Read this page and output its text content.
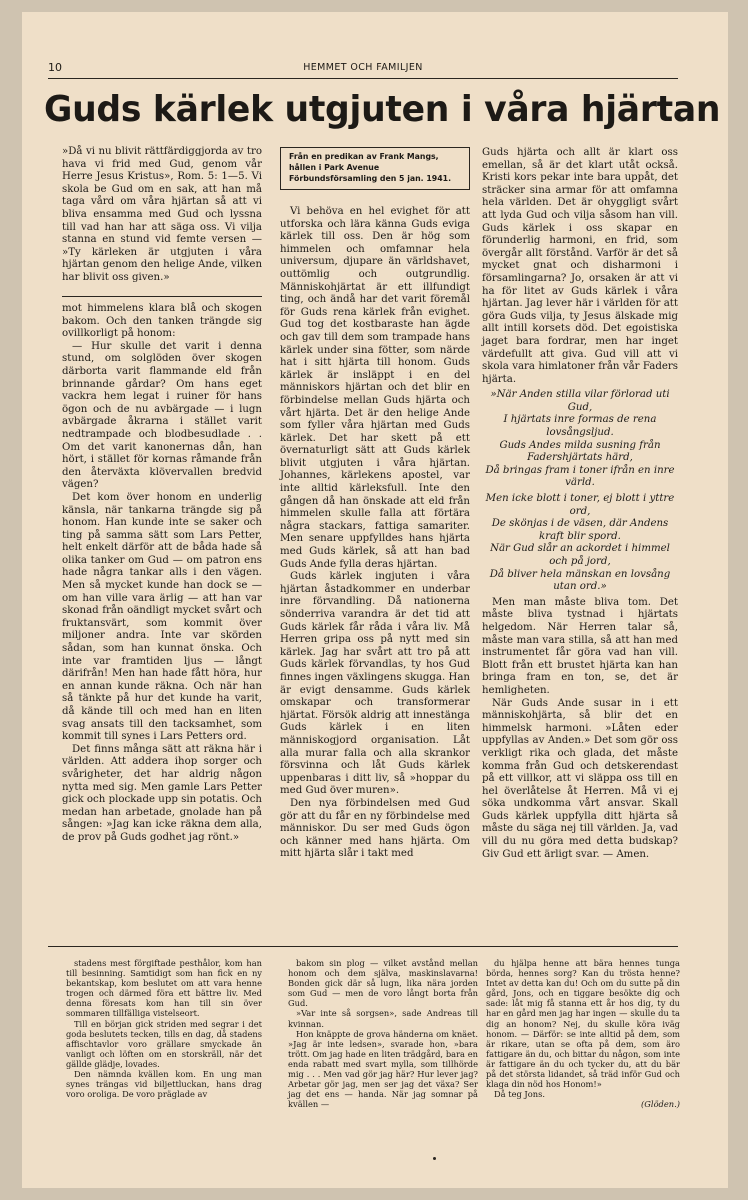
10	HEMMET OCH FAMILJEN
Guds kärlek utgjuten i våra hjärtan

»Då vi nu blivit rättfärdiggjorda av tro hava vi frid med Gud, genom vår Herre Jesus Kristus», Rom. 5: 1—5. Vi skola be Gud om en sak, att han må taga vård om våra hjärtan så att vi bliva ensamma med Gud och lyssna till vad han har att säga oss. Vi vilja stanna en stund vid femte versen — »Ty kärleken är utgjuten i våra hjärtan genom den helige Ande, vilken har blivit oss given.»

mot himmelens klara blå och skogen bakom. Och den tanken trängde sig ovillkorligt på honom:

— Hur skulle det varit i denna stund, om solglöden över skogen därborta varit flammande eld från brinnande gårdar? Om hans eget vackra hem legat i ruiner för hans ögon och de nu avbärgade — i lugn avbärgade åkrarna i stället varit nedtrampade och blodbesudlade . . Om det varit kanonernas dån, han hört, i stället för kornas råmande från den återväxta klövervallen bredvid vägen?

Det kom över honom en underlig känsla, när tankarna trängde sig på honom. Han kunde inte se saker och ting på samma sätt som Lars Petter, helt enkelt därför att de båda hade så olika tanker om Gud — om patron ens hade några tankar alls i den vägen. Men så mycket kunde han dock se — om han ville vara ärlig — att han var skonad från oändligt mycket svårt och fruktansvärt, som kommit över miljoner andra. Inte var skörden sådan, som han kunnat önska. Och inte var framtiden ljus — långt därifrån! Men han hade fått höra, hur en annan kunde räkna. Och när han så tänkte på hur det kunde ha varit, då kände till och med han en liten svag ansats till den tacksamhet, som kommit till synes i Lars Petters ord.

Det finns många sätt att räkna här i världen. Att addera ihop sorger och svårigheter, det har aldrig någon nytta med sig. Men gamle Lars Petter gick och plockade upp sin potatis. Och medan han arbetade, gnolade han på sången: »Jag kan icke räkna dem alla, de prov på Guds godhet jag rönt.»

Från en predikan av Frank Mangs, hållen i Park Avenue Förbundsförsamling den 5 jan. 1941.

Vi behöva en hel evighet för att utforska och lära känna Guds eviga kärlek till oss. Den är hög som himmelen och omfamnar hela universum, djupare än världshavet, outtömlig och outgrundlig. Människohjärtat är ett illfundigt ting, och ändå har det varit föremål för Guds rena kärlek från evighet. Gud tog det kostbaraste han ägde och gav till dem som trampade hans kärlek under sina fötter, som närde hat i sitt hjärta till honom. Guds kärlek är insläppt i en del människors hjärtan och det blir en förbindelse mellan Guds hjärta och vårt hjärta. Det är den helige Ande som fyller våra hjärtan med Guds kärlek. Det har skett på ett övernaturligt sätt att Guds kärlek blivit utgjuten i våra hjärtan. Johannes, kärlekens apostel, var inte alltid kärleksfull. Inte den gången då han önskade att eld från himmelen skulle falla att förtära några stackars, fattiga samariter. Men senare uppfylldes hans hjärta med Guds kärlek, så att han bad Guds Ande fylla deras hjärtan.

Guds kärlek ingjuten i våra hjärtan åstadkommer en underbar inre förvandling. Då nationerna sönderriva varandra är det tid att Guds kärlek får råda i våra liv. Må Herren gripa oss på nytt med sin kärlek. Jag har svårt att tro på att Guds kärlek förvandlas, ty hos Gud finnes ingen växlingens skugga. Han är evigt densamme. Guds kärlek omskapar och transformerar hjärtat. Försök aldrig att innestänga Guds kärlek i en liten människogjord organisation. Låt alla murar falla och alla skrankor försvinna och låt Guds kärlek uppenbaras i ditt liv, så »hoppar du med Gud över muren».

Den nya förbindelsen med Gud gör att du får en ny förbindelse med människor. Du ser med Guds ögon och känner med hans hjärta. Om mitt hjärta slår i takt med

Guds hjärta och allt är klart oss emellan, så är det klart utåt också. Kristi kors pekar inte bara uppåt, det sträcker sina armar för att omfamna hela världen. Det är ohyggligt svårt att lyda Gud och vilja såsom han vill. Guds kärlek i oss skapar en förunderlig harmoni, en frid, som övergår allt förstånd. Varför är det så mycket gnat och disharmoni i församlingarna? Jo, orsaken är att vi ha för litet av Guds kärlek i våra hjärtan. Jag lever här i världen för att göra Guds vilja, ty Jesus älskade mig allt intill korsets död. Det egoistiska jaget bara fordrar, men har inget värdefullt att giva. Gud vill att vi skola vara himlatoner från vår Faders hjärta.

»När Anden stilla vilar förlorad uti Gud,
I hjärtats inre formas de rena lovsångsljud.
Guds Andes milda susning från Fadershjärtats härd,
Då bringas fram i toner ifrån en inre värld.
Men icke blott i toner, ej blott i yttre ord,
De skönjas i de väsen, där Andens kraft blir spord.
När Gud slår an ackordet i himmel och på jord,
Då bliver hela mänskan en lovsång utan ord.»

Men man måste bliva tom. Det måste bliva tystnad i hjärtats helgedom. När Herren talar så, måste man vara stilla, så att han med instrumentet får göra vad han vill. Blott från ett brustet hjärta kan han bringa fram en ton, se, det är hemligheten.

När Guds Ande susar in i ett människohjärta, så blir det en himmelsk harmoni. »Låten eder uppfyllas av Anden.» Det som gör oss verkligt rika och glada, det måste komma från Gud och detskerendast på ett villkor, att vi släppa oss till en hel överlåtelse åt Herren. Må vi ej söka undkomma vårt ansvar. Skall Guds kärlek uppfylla ditt hjärta så måste du säga nej till världen. Ja, vad vill du nu göra med detta budskap? Giv Gud ett ärligt svar. — Amen.

stadens mest förgiftade pesthålor, kom han till besinning. Samtidigt som han fick en ny bekantskap, kom beslutet om att vara henne trogen och därmed föra ett bättre liv. Med denna föresats kom han till sin över sommaren tillfälliga vistelseort.

Till en början gick striden med segrar i det goda beslutets tecken, tills en dag, då stadens affischtavlor voro grällare smyckade än vanligt och löften om en storskräll, när det gällde glädje, lovades.

Den nämnda kvällen kom. En ung man synes trängas vid biljettluckan, hans drag voro oroliga. De voro präglade av

bakom sin plog — vilket avstånd mellan honom och dem själva, maskinslavarna! Bonden gick där så lugn, lika nära jorden som Gud — men de voro långt borta från Gud.

»Var inte så sorgsen», sade Andreas till kvinnan.

Hon knäppte de grova händerna om knäet. »Jag är inte ledsen», svarade hon, »bara trött. Om jag hade en liten trädgård, bara en enda rabatt med svart mylla, som tillhörde mig . . . Men vad gör jag här? Hur lever jag? Arbetar gör jag, men ser jag det växa? Ser jag det ens — handa. När jag somnar på kvällen —

du hjälpa henne att bära hennes tunga börda, hennes sorg? Kan du trösta henne? Intet av detta kan du! Och om du sutte på din gård, Jons, och en tiggare besökte dig och sade: låt mig få stanna ett år hos dig, ty du har en gård men jag har ingen — skulle du ta dig an honom? Nej, du skulle köra iväg honom. — Därför: se inte alltid på dem, som är rikare, utan se ofta på dem, som äro fattigare än du, och bittar du någon, som inte är fattigare än du och tycker du, att du bär på det största lidandet, så träd inför Gud och klaga din nöd hos Honom!»

Då teg Jons.

(Glöden.)
